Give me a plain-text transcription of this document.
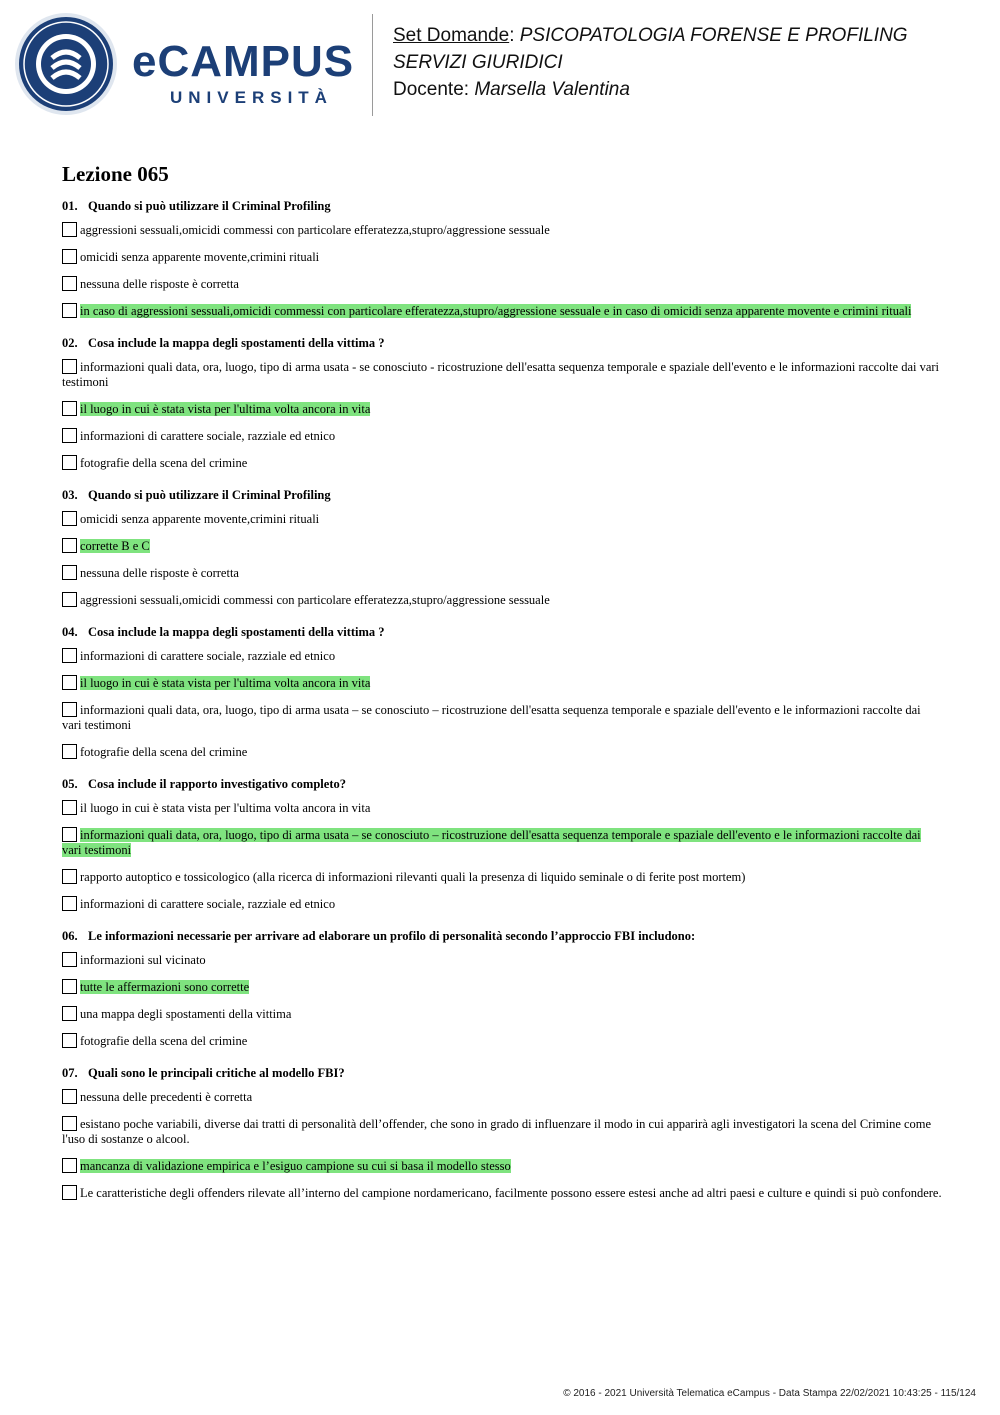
eCAMPUS
UNIVERSITÀ
Set Domande: PSICOPATOLOGIA FORENSE E PROFILING
SERVIZI GIURIDICI
Docente: Marsella Valentina
Lezione 065
01. Quando si può utilizzare il Criminal Profiling
aggressioni sessuali,omicidi commessi con particolare efferatezza,stupro/aggressione sessuale
omicidi senza apparente movente,crimini rituali
nessuna delle risposte è corretta
in caso di aggressioni sessuali,omicidi commessi con particolare efferatezza,stupro/aggressione sessuale e in caso di omicidi senza apparente movente e crimini rituali
02. Cosa include la mappa degli spostamenti della vittima ?
informazioni quali data, ora, luogo, tipo di arma usata - se conosciuto - ricostruzione dell'esatta sequenza temporale e spaziale dell'evento e le informazioni raccolte dai vari testimoni
il luogo in cui è stata vista per l'ultima volta ancora in vita
informazioni di carattere sociale, razziale ed etnico
fotografie della scena del crimine
03. Quando si può utilizzare il Criminal Profiling
omicidi senza apparente movente,crimini rituali
corrette B e C
nessuna delle risposte è corretta
aggressioni sessuali,omicidi commessi con particolare efferatezza,stupro/aggressione sessuale
04. Cosa include la mappa degli spostamenti della vittima ?
informazioni di carattere sociale, razziale ed etnico
il luogo in cui è stata vista per l'ultima volta ancora in vita
informazioni quali data, ora, luogo, tipo di arma usata – se conosciuto – ricostruzione dell'esatta sequenza temporale e spaziale dell'evento e le informazioni raccolte dai vari testimoni
fotografie della scena del crimine
05. Cosa include il rapporto investigativo completo?
il luogo in cui è stata vista per l'ultima volta ancora in vita
informazioni quali data, ora, luogo, tipo di arma usata – se conosciuto – ricostruzione dell'esatta sequenza temporale e spaziale dell'evento e le informazioni raccolte dai vari testimoni
rapporto autoptico e tossicologico (alla ricerca di informazioni rilevanti quali la presenza di liquido seminale o di ferite post mortem)
informazioni di carattere sociale, razziale ed etnico
06. Le informazioni necessarie per arrivare ad elaborare un profilo di personalità secondo l’approccio FBI includono:
informazioni sul vicinato
tutte le affermazioni sono corrette
una mappa degli spostamenti della vittima
fotografie della scena del crimine
07. Quali sono le principali critiche al modello FBI?
nessuna delle precedenti è corretta
esistano poche variabili, diverse dai tratti di personalità dell’offender, che sono in grado di influenzare il modo in cui apparirà agli investigatori la scena del Crimine come l'uso di sostanze o alcool.
mancanza di validazione empirica e l’esiguo campione su cui si basa il modello stesso
Le caratteristiche degli offenders rilevate all’interno del campione nordamericano, facilmente possono essere estesi anche ad altri paesi e culture e quindi si può confondere.
© 2016 - 2021 Università Telematica eCampus - Data Stampa 22/02/2021 10:43:25 - 115/124
